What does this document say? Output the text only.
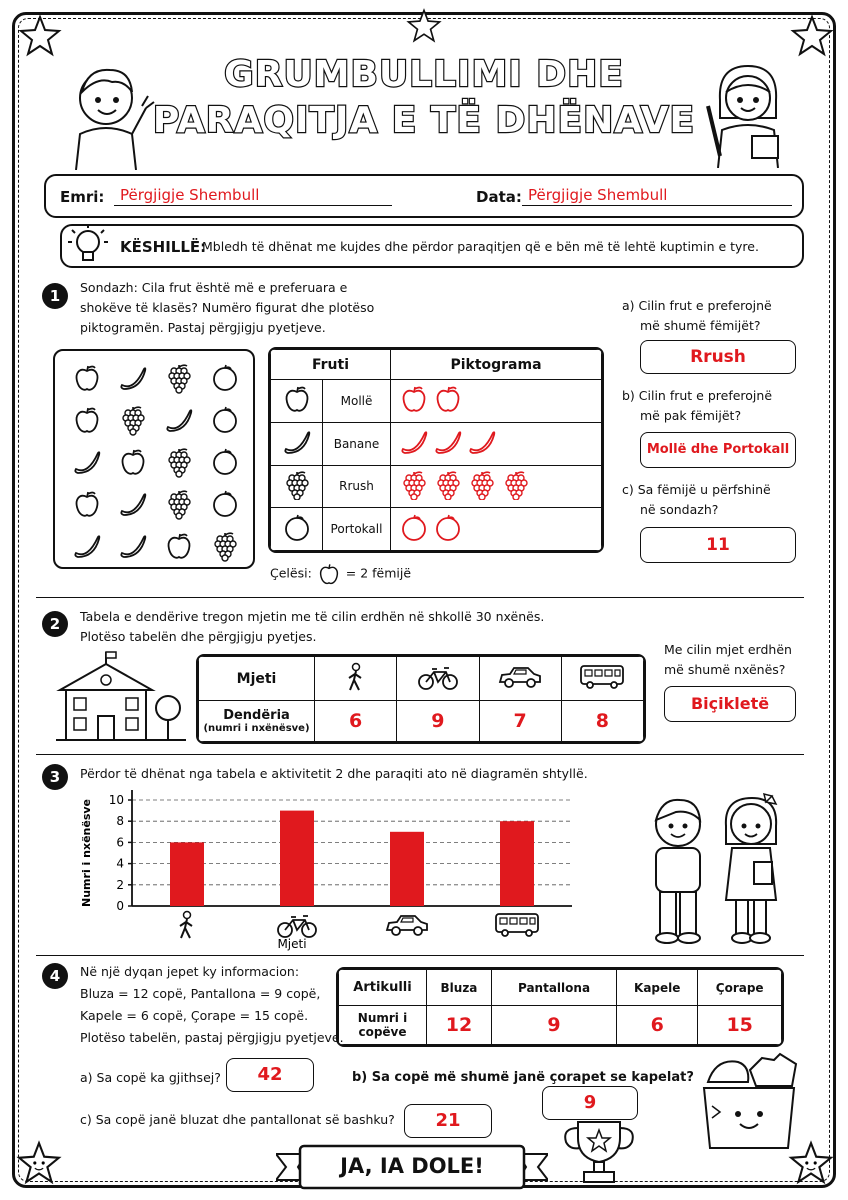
GRUMBULLIMI DHE
PARAQITJA E TË DHËNAVE
Emri: Përgjigje Shembull	Data: Përgjigje Shembull
KËSHILLË:
Mbledh të dhënat me kujdes dhe përdor paraqitjen që e bën më të lehtë kuptimin e tyre.
1	Sondazh: Cila frut është më e preferuara e
shokëve të klasës? Numëro figurat dhe plotëso
piktogramën. Pastaj përgjigju pyetjeve.
Fruti		Piktograma
	Mollë	
	Banane	
	Rrush	
	Portokall	
Çelësi:	= 2 fëmijë
a) Cilin frut e preferojnë
më shumë fëmijët?
Rrush
b) Cilin frut e preferojnë
më pak fëmijët?
Mollë dhe Portokall
c) Sa fëmijë u përfshinë
në sondazh?
11
2	Tabela e dendërive tregon mjetin me të cilin erdhën në shkollë 30 nxënës.
Plotëso tabelën dhe përgjigju pyetjes.
Mjeti				

Dendëria
(numri i nxënësve)	6	9	7	8
Me cilin mjet erdhën
më shumë nxënës?
Biçikletë
3	Përdor të dhënat nga tabela e aktivitetit 2 dhe paraqiti ato në diagramën shtyllë.
0
2
4
6
8
10
Numri i nxënësve
Mjeti
4	Në një dyqan jepet ky informacion:
Bluza = 12 copë, Pantallona = 9 copë,
Kapele = 6 copë, Çorape = 15 copë.
Plotëso tabelën, pastaj përgjigju pyetjeve.
Artikulli	Bluza	Pantallona	Kapele	Çorape

Numri i
copëve	12	9	6	15
a) Sa copë ka gjithsej?	42	b) Sa copë më shumë janë çorapet se kapelat?
9
c) Sa copë janë bluzat dhe pantallonat së bashku?	21
JA, IA DOLE!
